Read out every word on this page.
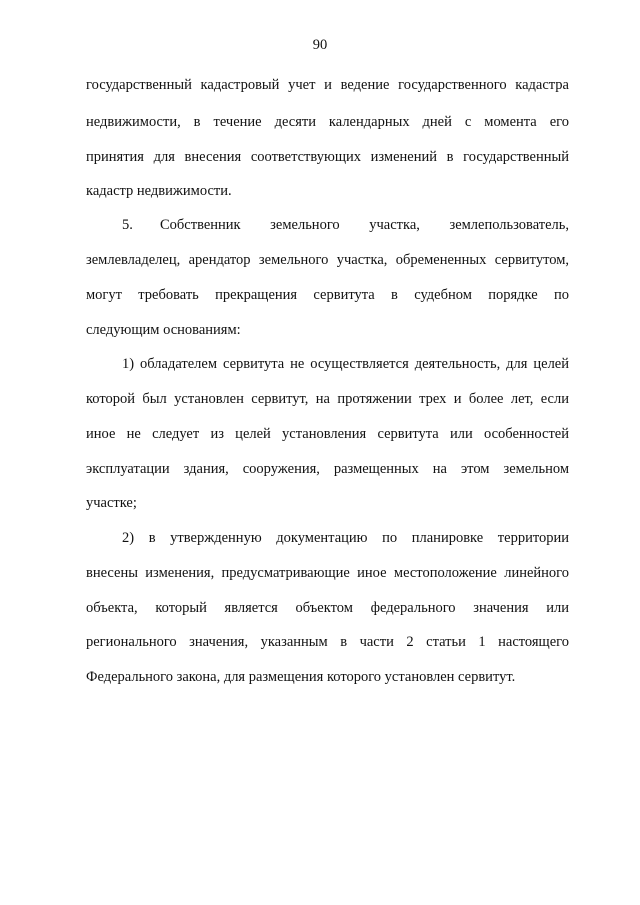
90
государственный кадастровый учет и ведение государственного кадастра
недвижимости, в течение десяти календарных дней с момента его
принятия для внесения соответствующих изменений в государственный
кадастр недвижимости.
5. Собственник земельного участка, землепользователь,
землевладелец, арендатор земельного участка, обремененных сервитутом,
могут требовать прекращения сервитута в судебном порядке по
следующим основаниям:
1) обладателем сервитута не осуществляется деятельность, для целей
которой был установлен сервитут, на протяжении трех и более лет, если
иное не следует из целей установления сервитута или особенностей
эксплуатации здания, сооружения, размещенных на этом земельном
участке;
2) в утвержденную документацию по планировке территории
внесены изменения, предусматривающие иное местоположение линейного
объекта, который является объектом федерального значения или
регионального значения, указанным в части 2 статьи 1 настоящего
Федерального закона, для размещения которого установлен сервитут.
